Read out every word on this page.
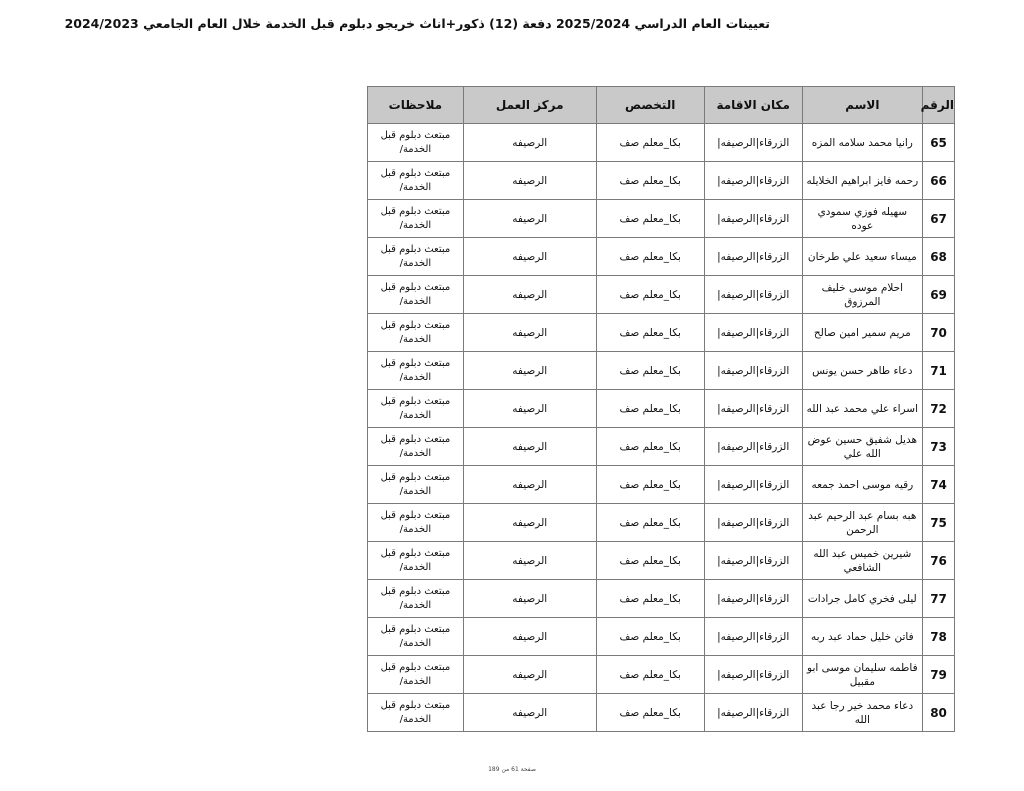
تعيينات العام الدراسي 2025/2024 دفعة (12) ذكور+اناث خريجو دبلوم قبل الخدمة خلال العام الجامعي 2024/2023
الرقم	الاسم	مكان الاقامة	التخصص	مركز العمل	ملاحظات
65	رانيا محمد سلامه المزه	الزرقاء|الرصيفه|	بكا_معلم صف	الرصيفه	مبتعث دبلوم قبل الخدمة/
66	رحمه فايز ابراهيم الخلايله	الزرقاء|الرصيفه|	بكا_معلم صف	الرصيفه	مبتعث دبلوم قبل الخدمة/
67	سهيله فوزي سمودي عوده	الزرقاء|الرصيفه|	بكا_معلم صف	الرصيفه	مبتعث دبلوم قبل الخدمة/
68	ميساء سعيد علي طرخان	الزرقاء|الرصيفه|	بكا_معلم صف	الرصيفه	مبتعث دبلوم قبل الخدمة/
69	احلام موسى خليف المرزوق	الزرقاء|الرصيفه|	بكا_معلم صف	الرصيفه	مبتعث دبلوم قبل الخدمة/
70	مريم سمير امين صالح	الزرقاء|الرصيفه|	بكا_معلم صف	الرصيفه	مبتعث دبلوم قبل الخدمة/
71	دعاء طاهر حسن يونس	الزرقاء|الرصيفه|	بكا_معلم صف	الرصيفه	مبتعث دبلوم قبل الخدمة/
72	اسراء علي محمد عبد الله	الزرقاء|الرصيفه|	بكا_معلم صف	الرصيفه	مبتعث دبلوم قبل الخدمة/
73	هديل شفيق حسين عوض الله علي	الزرقاء|الرصيفه|	بكا_معلم صف	الرصيفه	مبتعث دبلوم قبل الخدمة/
74	رقيه موسى احمد جمعه	الزرقاء|الرصيفه|	بكا_معلم صف	الرصيفه	مبتعث دبلوم قبل الخدمة/
75	هبه بسام عبد الرحيم عبد الرحمن	الزرقاء|الرصيفه|	بكا_معلم صف	الرصيفه	مبتعث دبلوم قبل الخدمة/
76	شيرين خميس عبد الله الشافعي	الزرقاء|الرصيفه|	بكا_معلم صف	الرصيفه	مبتعث دبلوم قبل الخدمة/
77	ليلى فخري كامل جرادات	الزرقاء|الرصيفه|	بكا_معلم صف	الرصيفه	مبتعث دبلوم قبل الخدمة/
78	فاتن خليل حماد عبد ربه	الزرقاء|الرصيفه|	بكا_معلم صف	الرصيفه	مبتعث دبلوم قبل الخدمة/
79	فاطمه سليمان موسى ابو مقبيل	الزرقاء|الرصيفه|	بكا_معلم صف	الرصيفه	مبتعث دبلوم قبل الخدمة/
80	دعاء محمد خير رجا عبد الله	الزرقاء|الرصيفه|	بكا_معلم صف	الرصيفه	مبتعث دبلوم قبل الخدمة/
صفحة 61 من 189
